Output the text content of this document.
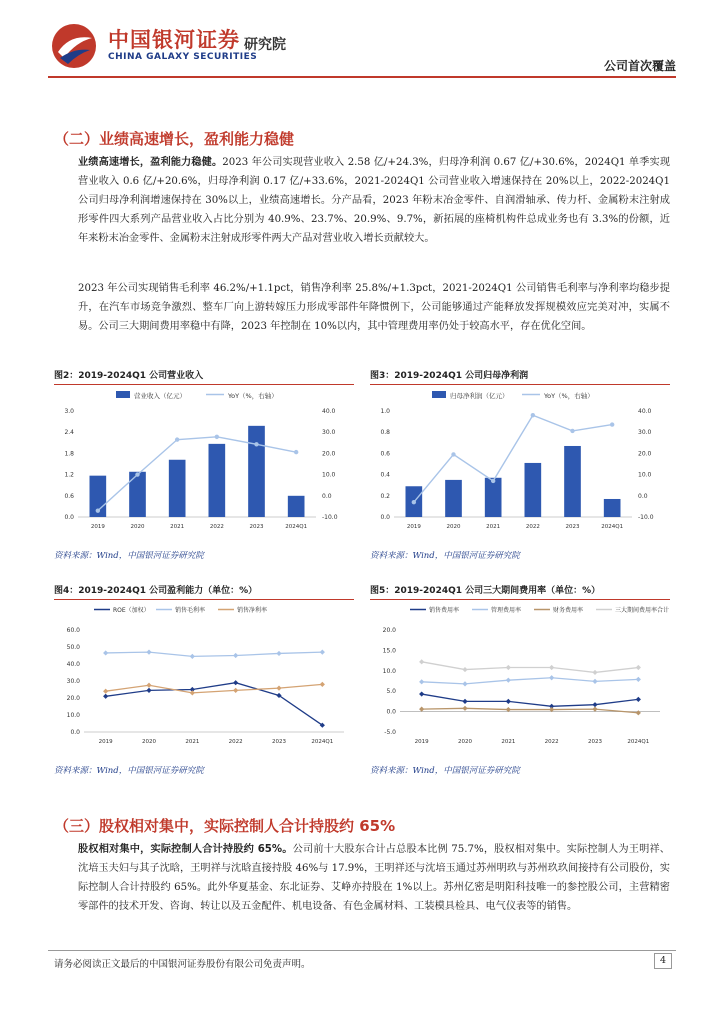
中国银河证券 研究院
CHINA GALAXY SECURITIES
公司首次覆盖
（二）业绩高速增长，盈利能力稳健

业绩高速增长，盈利能力稳健。2023 年公司实现营业收入 2.58 亿/+24.3%，归母净利润 0.67 亿/+30.6%，2024Q1 单季实现营业收入 0.6 亿/+20.6%，归母净利润 0.17 亿/+33.6%，2021-2024Q1 公司营业收入增速保持在 20%以上，2022-2024Q1 公司归母净利润增速保持在 30%以上，业绩高速增长。分产品看，2023 年粉末冶金零件、自润滑轴承、传力杆、金属粉末注射成形零件四大系列产品营业收入占比分别为 40.9%、23.7%、20.9%、9.7%，新拓展的座椅机构件总成业务也有 3.3%的份额，近年来粉末冶金零件、金属粉末注射成形零件两大产品对营业收入增长贡献较大。

2023 年公司实现销售毛利率 46.2%/+1.1pct，销售净利率 25.8%/+1.3pct，2021-2024Q1 公司销售毛利率与净利率均稳步提升，在汽车市场竞争激烈、整车厂向上游转嫁压力形成零部件年降惯例下，公司能够通过产能释放发挥规模效应完美对冲，实属不易。公司三大期间费用率稳中有降，2023 年控制在 10%以内，其中管理费用率仍处于较高水平，存在优化空间。

图2：2019-2024Q1 公司营业收入
营业收入（亿元）	YoY（%，右轴）
0.0
0.6
1.2
1.8
2.4
3.0
-10.0
0.0
10.0
20.0
30.0
40.0
2019	2020	2021	2022	2023	2024Q1
资料来源：Wind，中国银河证券研究院
图3：2019-2024Q1 公司归母净利润
归母净利润（亿元）	YoY（%，右轴）
0.0
0.2
0.4
0.6
0.8
1.0
-10.0
0.0
10.0
20.0
30.0
40.0
2019	2020	2021	2022	2023	2024Q1
资料来源：Wind，中国银河证券研究院
图4：2019-2024Q1 公司盈利能力（单位：%）
ROE（加权）	销售毛利率	销售净利率
0.0
10.0
20.0
30.0
40.0
50.0
60.0
2019	2020	2021	2022	2023	2024Q1
资料来源：Wind，中国银河证券研究院
图5：2019-2024Q1 公司三大期间费用率（单位：%）
销售费用率	管理费用率	财务费用率	三大期间费用率合计
-5.0
0.0
5.0
10.0
15.0
20.0
2019	2020	2021	2022	2023	2024Q1
资料来源：Wind，中国银河证券研究院
（三）股权相对集中，实际控制人合计持股约 65%

股权相对集中，实际控制人合计持股约 65%。公司前十大股东合计占总股本比例 75.7%，股权相对集中。实际控制人为王明祥、沈培玉夫妇与其子沈晗，王明祥与沈晗直接持股 46%与 17.9%，王明祥还与沈培玉通过苏州明玖与苏州玖玖间接持有公司股份，实际控制人合计持股约 65%。此外华夏基金、东北证券、艾峥亦持股在 1%以上。苏州亿密是明阳科技唯一的参控股公司，主营精密零部件的技术开发、咨询、转让以及五金配件、机电设备、有色金属材料、工装模具检具、电气仪表等的销售。

请务必阅读正文最后的中国银河证券股份有限公司免责声明。	4
